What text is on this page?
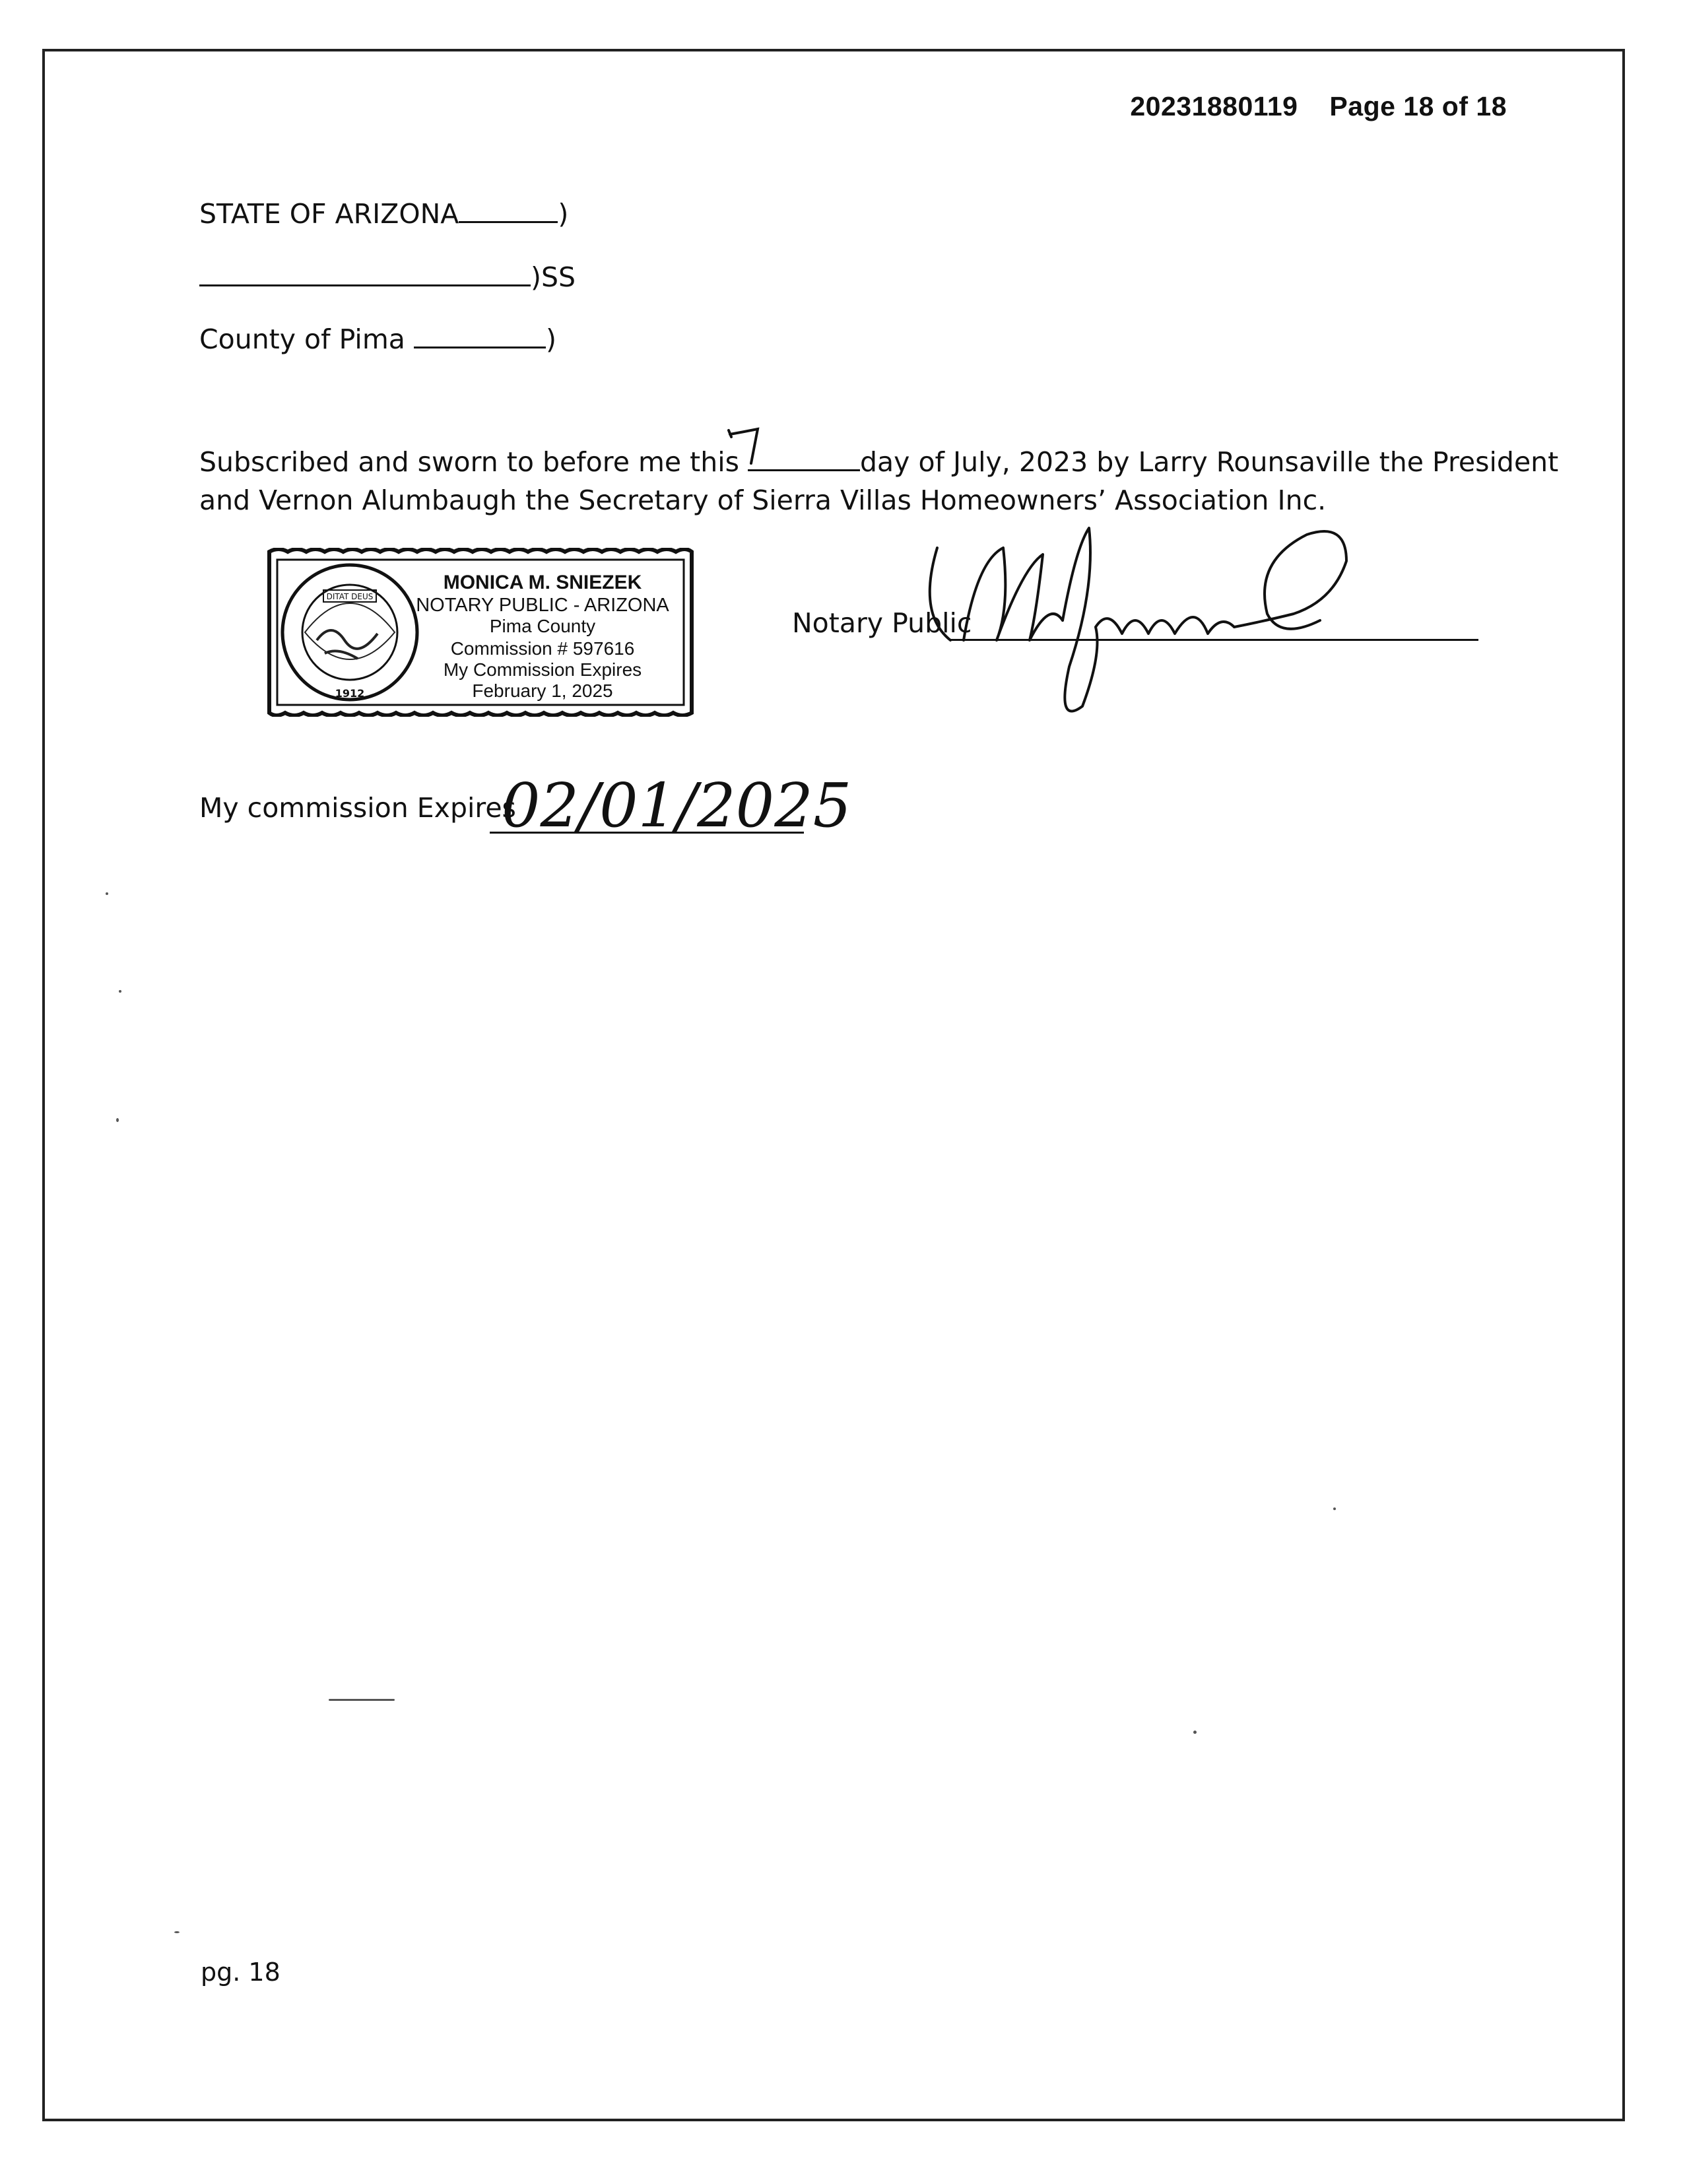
20231880119 Page 18 of 18
STATE OF ARIZONA	)
)SS
County of Pima	)
Subscribed and sworn to before me this	day of July, 2023 by Larry Rounsaville the President
7
and Vernon Alumbaugh the Secretary of Sierra Villas Homeowners’ Association Inc.
DITAT DEUS
1912
MONICA M. SNIEZEK
NOTARY PUBLIC - ARIZONA
Pima County
Commission # 597616
My Commission Expires
February 1, 2025
Notary Public
My commission Expires
02/01/2025
pg. 18
